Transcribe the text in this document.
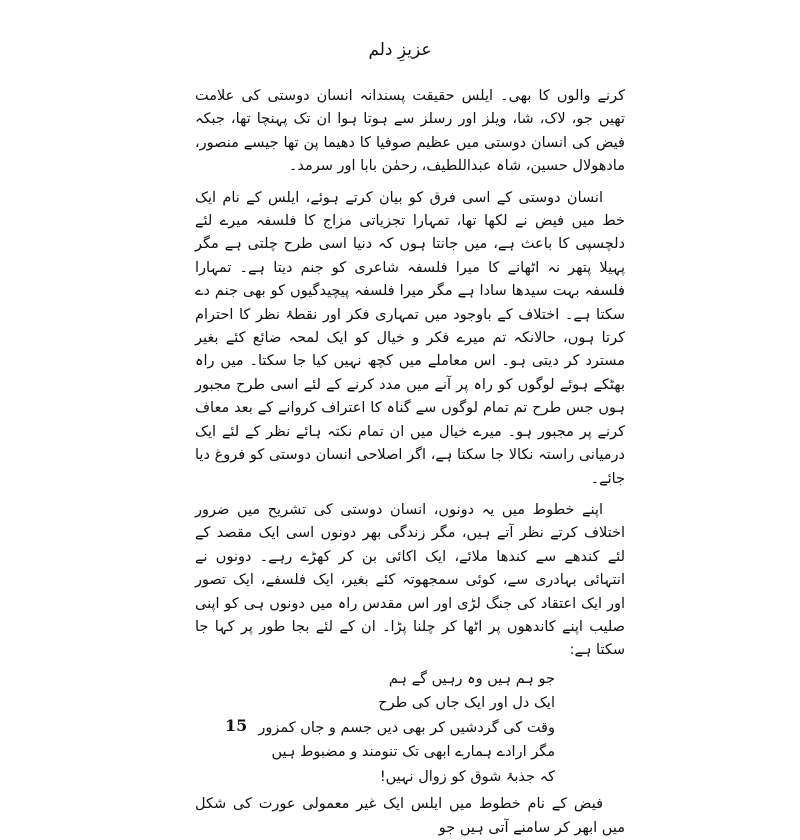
عزیزِ دلم

کرنے والوں کا بھی۔ ایلس حقیقت پسندانہ انسان دوستی کی علامت تھیں جو، لاک، شا، ویلز اور رسلز سے ہوتا ہوا ان تک پہنچا تھا، جبکہ فیض کی انسان دوستی میں عظیم صوفیا کا دھیما پن تھا جیسے منصور، مادھولال حسین، شاہ عبداللطیف، رحمٰن بابا اور سرمد۔

انسان دوستی کے اسی فرق کو بیان کرتے ہوئے، ایلس کے نام ایک خط میں فیض نے لکھا تھا، تمہارا تجزیاتی مزاج کا فلسفہ میرے لئے دلچسپی کا باعث ہے، میں جانتا ہوں کہ دنیا اسی طرح چلتی ہے مگر پہیلا پتھر نہ اٹھانے کا میرا فلسفہ شاعری کو جنم دیتا ہے۔ تمہارا فلسفہ بہت سیدھا سادا ہے مگر میرا فلسفہ پیچیدگیوں کو بھی جنم دے سکتا ہے۔ اختلاف کے باوجود میں تمہاری فکر اور نقطۂ نظر کا احترام کرتا ہوں، حالانکہ تم میرے فکر و خیال کو ایک لمحہ ضائع کئے بغیر مسترد کر دیتی ہو۔ اس معاملے میں کچھ نہیں کیا جا سکتا۔ میں راہ بھٹکے ہوئے لوگوں کو راہ پر آنے میں مدد کرنے کے لئے اسی طرح مجبور ہوں جس طرح تم تمام لوگوں سے گناہ کا اعتراف کروانے کے بعد معاف کرنے پر مجبور ہو۔ میرے خیال میں ان تمام نکتہ ہائے نظر کے لئے ایک درمیانی راستہ نکالا جا سکتا ہے، اگر اصلاحی انسان دوستی کو فروغ دیا جائے۔

اپنے خطوط میں یہ دونوں، انسان دوستی کی تشریح میں ضرور اختلاف کرتے نظر آتے ہیں، مگر زندگی بھر دونوں اسی ایک مقصد کے لئے کندھے سے کندھا ملائے، ایک اکائی بن کر کھڑے رہے۔ دونوں نے انتہائی بہادری سے، کوئی سمجھوتہ کئے بغیر، ایک فلسفے، ایک تصور اور ایک اعتقاد کی جنگ لڑی اور اس مقدس راہ میں دونوں ہی کو اپنی صلیب اپنے کاندھوں پر اٹھا کر چلنا پڑا۔ ان کے لئے بجا طور پر کہا جا سکتا ہے:

جو ہم ہیں وہ رہیں گے ہم
ایک دل اور ایک جاں کی طرح
وقت کی گردشیں کر بھی دیں جسم و جاں کمزور
مگر ارادے ہمارے ابھی تک تنومند و مضبوط ہیں
کہ جذبۂ شوق کو زوال نہیں!

فیض کے نام خطوط میں ایلس ایک غیر معمولی عورت کی شکل میں ابھر کر سامنے آتی ہیں جو

15
